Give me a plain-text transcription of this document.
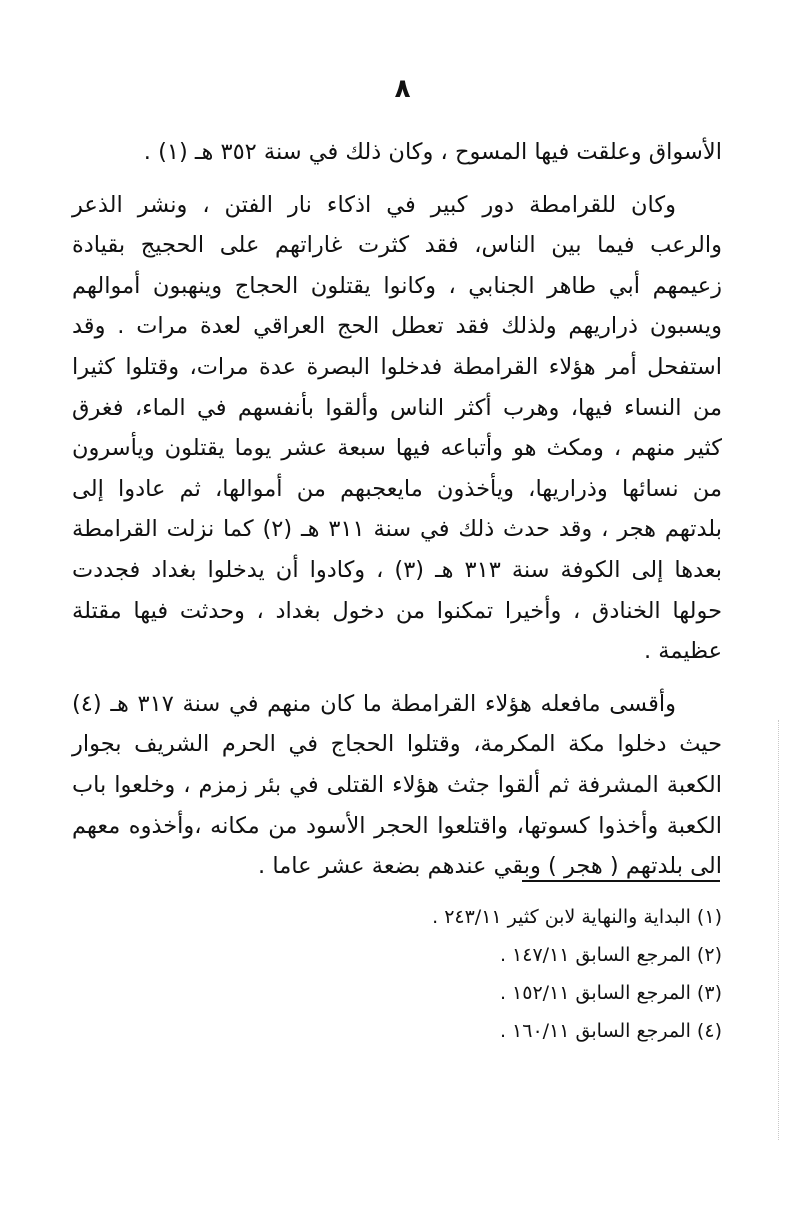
٨

الأسواق وعلقت فيها المسوح ، وكان ذلك في سنة ٣٥٢ هـ (١) .

وكان للقرامطة دور كبير في اذكاء نار الفتن ، ونشر الذعر والرعب فيما بين الناس، فقد كثرت غاراتهم على الحجيج بقيادة زعيمهم أبي طاهر الجنابي ، وكانوا يقتلون الحجاج وينهبون أموالهم ويسبون ذراريهم ولذلك فقد تعطل الحج العراقي لعدة مرات . وقد استفحل أمر هؤلاء القرامطة فدخلوا البصرة عدة مرات، وقتلوا كثيرا من النساء فيها، وهرب أكثر الناس وألقوا بأنفسهم في الماء، فغرق كثير منهم ، ومكث هو وأتباعه فيها سبعة عشر يوما يقتلون ويأسرون من نسائها وذراريها، ويأخذون مايعجبهم من أموالها، ثم عادوا إلى بلدتهم هجر ، وقد حدث ذلك في سنة ٣١١ هـ (٢) كما نزلت القرامطة بعدها إلى الكوفة سنة ٣١٣ هـ (٣) ، وكادوا أن يدخلوا بغداد فجددت حولها الخنادق ، وأخيرا تمكنوا من دخول بغداد ، وحدثت فيها مقتلة عظيمة .

وأقسى مافعله هؤلاء القرامطة ما كان منهم في سنة ٣١٧ هـ (٤) حيث دخلوا مكة المكرمة، وقتلوا الحجاج في الحرم الشريف بجوار الكعبة المشرفة ثم ألقوا جثث هؤلاء القتلى في بئر زمزم ، وخلعوا باب الكعبة وأخذوا كسوتها، واقتلعوا الحجر الأسود من مكانه ،وأخذوه معهم الى بلدتهم ( هجر ) وبقي عندهم بضعة عشر عاما .

(١) البداية والنهاية لابن كثير ٢٤٣/١١ .

(٢) المرجع السابق ١٤٧/١١ .

(٣) المرجع السابق ١٥٢/١١ .

(٤) المرجع السابق ١٦٠/١١ .
